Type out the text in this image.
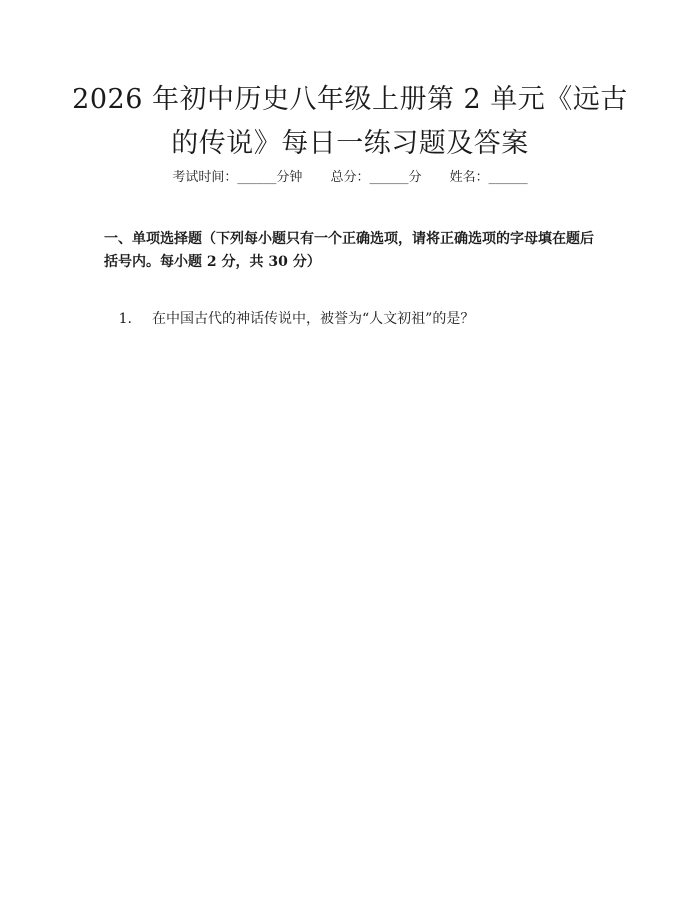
2026 年初中历史八年级上册第 2 单元《远古
的传说》每日一练习题及答案
考试时间：______分钟 总分：______分 姓名：______

一、单项选择题（下列每小题只有一个正确选项，请将正确选项的字母填在题后括号内。每小题 2 分，共 30 分）

1. 在中国古代的神话传说中，被誉为“人文初祖”的是？
